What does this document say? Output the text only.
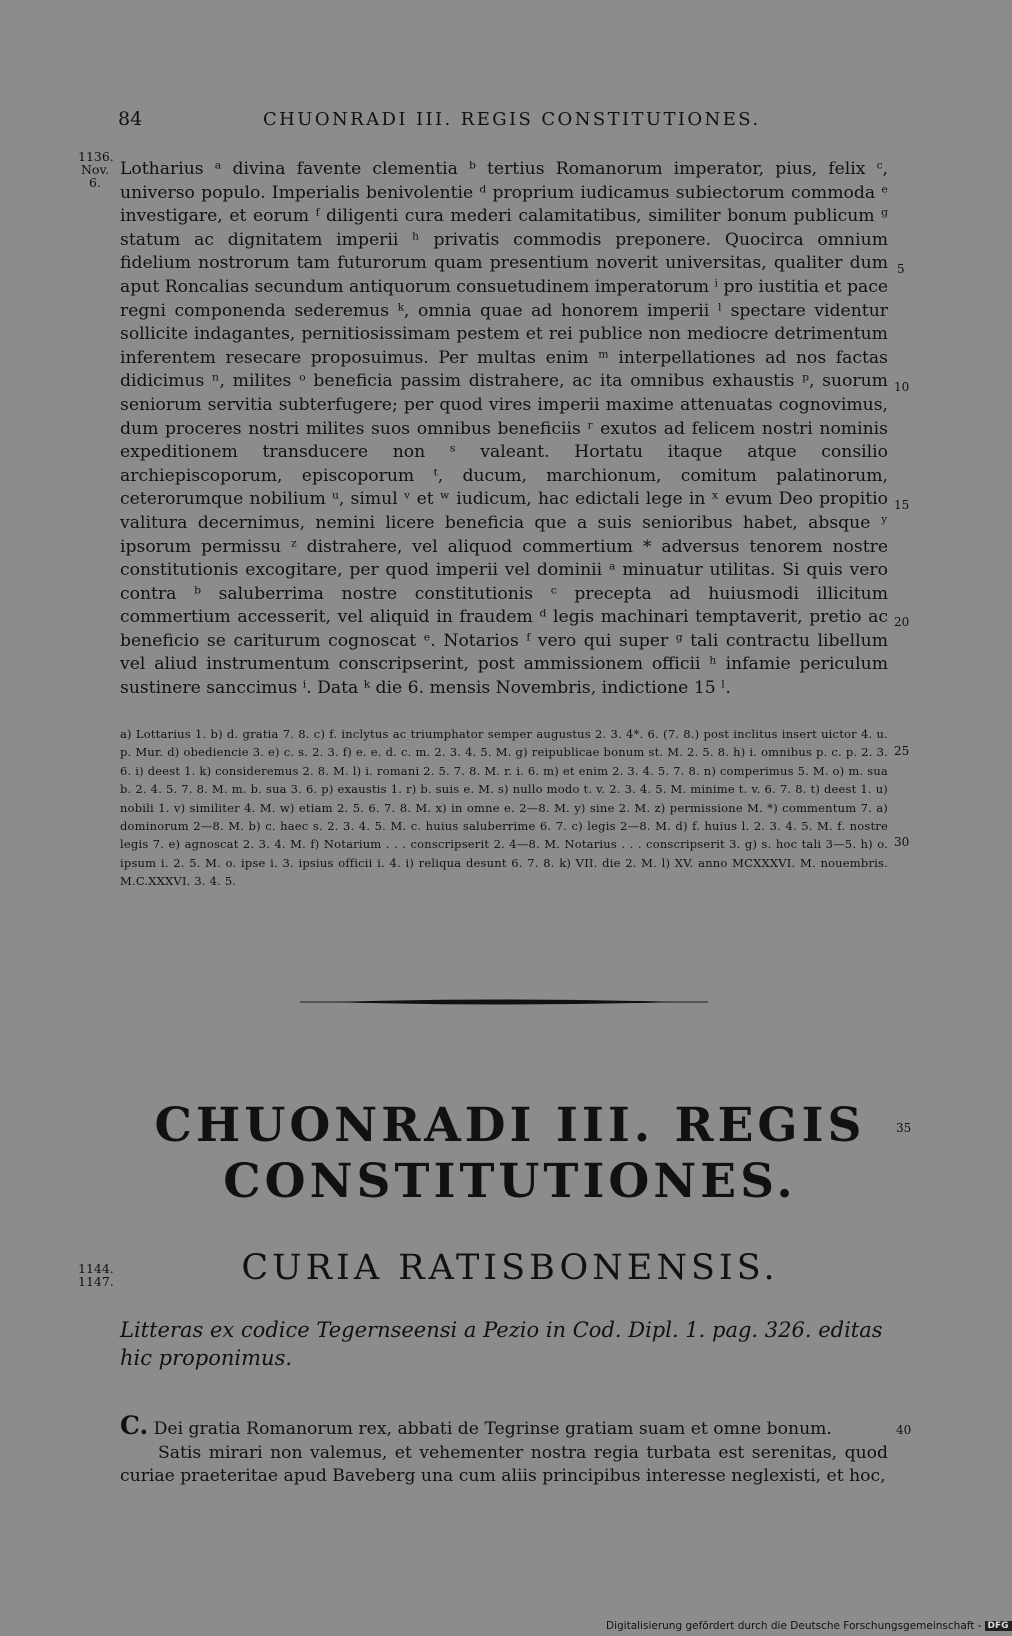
84	CHUONRADI III. REGIS CONSTITUTIONES.
1136.
Nov.
6.
Lotharius ᵃ divina favente clementia ᵇ tertius Romanorum imperator, pius, felix ᶜ, universo populo. Imperialis benivolentie ᵈ proprium iudicamus subiectorum commoda ᵉ investigare, et eorum ᶠ diligenti cura mederi calamitatibus, similiter bonum publicum ᵍ statum ac dignitatem imperii ʰ privatis commodis preponere. Quocirca omnium fidelium nostrorum tam futurorum quam presentium noverit universitas, qualiter dum aput Roncalias secundum antiquorum consuetudinem imperatorum ⁱ pro iustitia et pace regni componenda sederemus ᵏ, omnia quae ad honorem imperii ˡ spectare videntur sollicite indagantes, pernitiosissimam pestem et rei publice non mediocre detrimentum inferentem resecare proposuimus. Per multas enim ᵐ interpellationes ad nos factas didicimus ⁿ, milites ᵒ beneficia passim distrahere, ac ita omnibus exhaustis ᵖ, suorum seniorum servitia subterfugere; per quod vires imperii maxime attenuatas cognovimus, dum proceres nostri milites suos omnibus beneficiis ʳ exutos ad felicem nostri nominis expeditionem transducere non ˢ valeant. Hortatu itaque atque consilio archiepiscoporum, episcoporum ᵗ, ducum, marchionum, comitum palatinorum, ceterorumque nobilium ᵘ, simul ᵛ et ʷ iudicum, hac edictali lege in ˣ evum Deo propitio valitura decernimus, nemini licere beneficia que a suis senioribus habet, absque ʸ ipsorum permissu ᶻ distrahere, vel aliquod commertium * adversus tenorem nostre constitutionis excogitare, per quod imperii vel dominii ᵃ minuatur utilitas. Si quis vero contra ᵇ saluberrima nostre constitutionis ᶜ precepta ad huiusmodi illicitum commertium accesserit, vel aliquid in fraudem ᵈ legis machinari temptaverit, pretio ac beneficio se cariturum cognoscat ᵉ. Notarios ᶠ vero qui super ᵍ tali contractu libellum vel aliud instrumentum conscripserint, post ammissionem officii ʰ infamie periculum sustinere sanccimus ⁱ. Data ᵏ die 6. mensis Novembris, indictione 15 ˡ.
5
10
15
20
25
30
a) Lottarius 1. b) d. gratia 7. 8. c) f. inclytus ac triumphator semper augustus 2. 3. 4*. 6. (7. 8.) post inclitus insert uictor 4. u. p. Mur. d) obediencie 3. e) c. s. 2. 3. f) e. e. d. c. m. 2. 3. 4. 5. M. g) reipublicae bonum st. M. 2. 5. 8. h) i. omnibus p. c. p. 2. 3. 6. i) deest 1. k) consideremus 2. 8. M. l) i. romani 2. 5. 7. 8. M. r. i. 6. m) et enim 2. 3. 4. 5. 7. 8. n) comperimus 5. M. o) m. sua b. 2. 4. 5. 7. 8. M. m. b. sua 3. 6. p) exaustis 1. r) b. suis e. M. s) nullo modo t. v. 2. 3. 4. 5. M. minime t. v. 6. 7. 8. t) deest 1. u) nobili 1. v) similiter 4. M. w) etiam 2. 5. 6. 7. 8. M. x) in omne e. 2—8. M. y) sine 2. M. z) permissione M. *) commentum 7. a) dominorum 2—8. M. b) c. haec s. 2. 3. 4. 5. M. c. huius saluberrime 6. 7. c) legis 2—8. M. d) f. huius l. 2. 3. 4. 5. M. f. nostre legis 7. e) agnoscat 2. 3. 4. M. f) Notarium . . . conscripserit 2. 4—8. M. Notarius . . . conscripserit 3. g) s. hoc tali 3—5. h) o. ipsum i. 2. 5. M. o. ipse i. 3. ipsius officii i. 4. i) reliqua desunt 6. 7. 8. k) VII. die 2. M. l) XV. anno MCXXXVI. M. nouembris. M.C.XXXVI. 3. 4. 5.
CHUONRADI III. REGIS
CONSTITUTIONES.
35
1144.
1147.	CURIA RATISBONENSIS.
Litteras ex codice Tegernseensi a Pezio in Cod. Dipl. 1. pag. 326. editas hic proponimus.
C. Dei gratia Romanorum rex, abbati de Tegrinse gratiam suam et omne bonum.
Satis mirari non valemus, et vehementer nostra regia turbata est serenitas, quod curiae praeteritae apud Baveberg una cum aliis principibus interesse neglexisti, et hoc,
40
Digitalisierung gefördert durch die Deutsche Forschungsgemeinschaft - DFG
